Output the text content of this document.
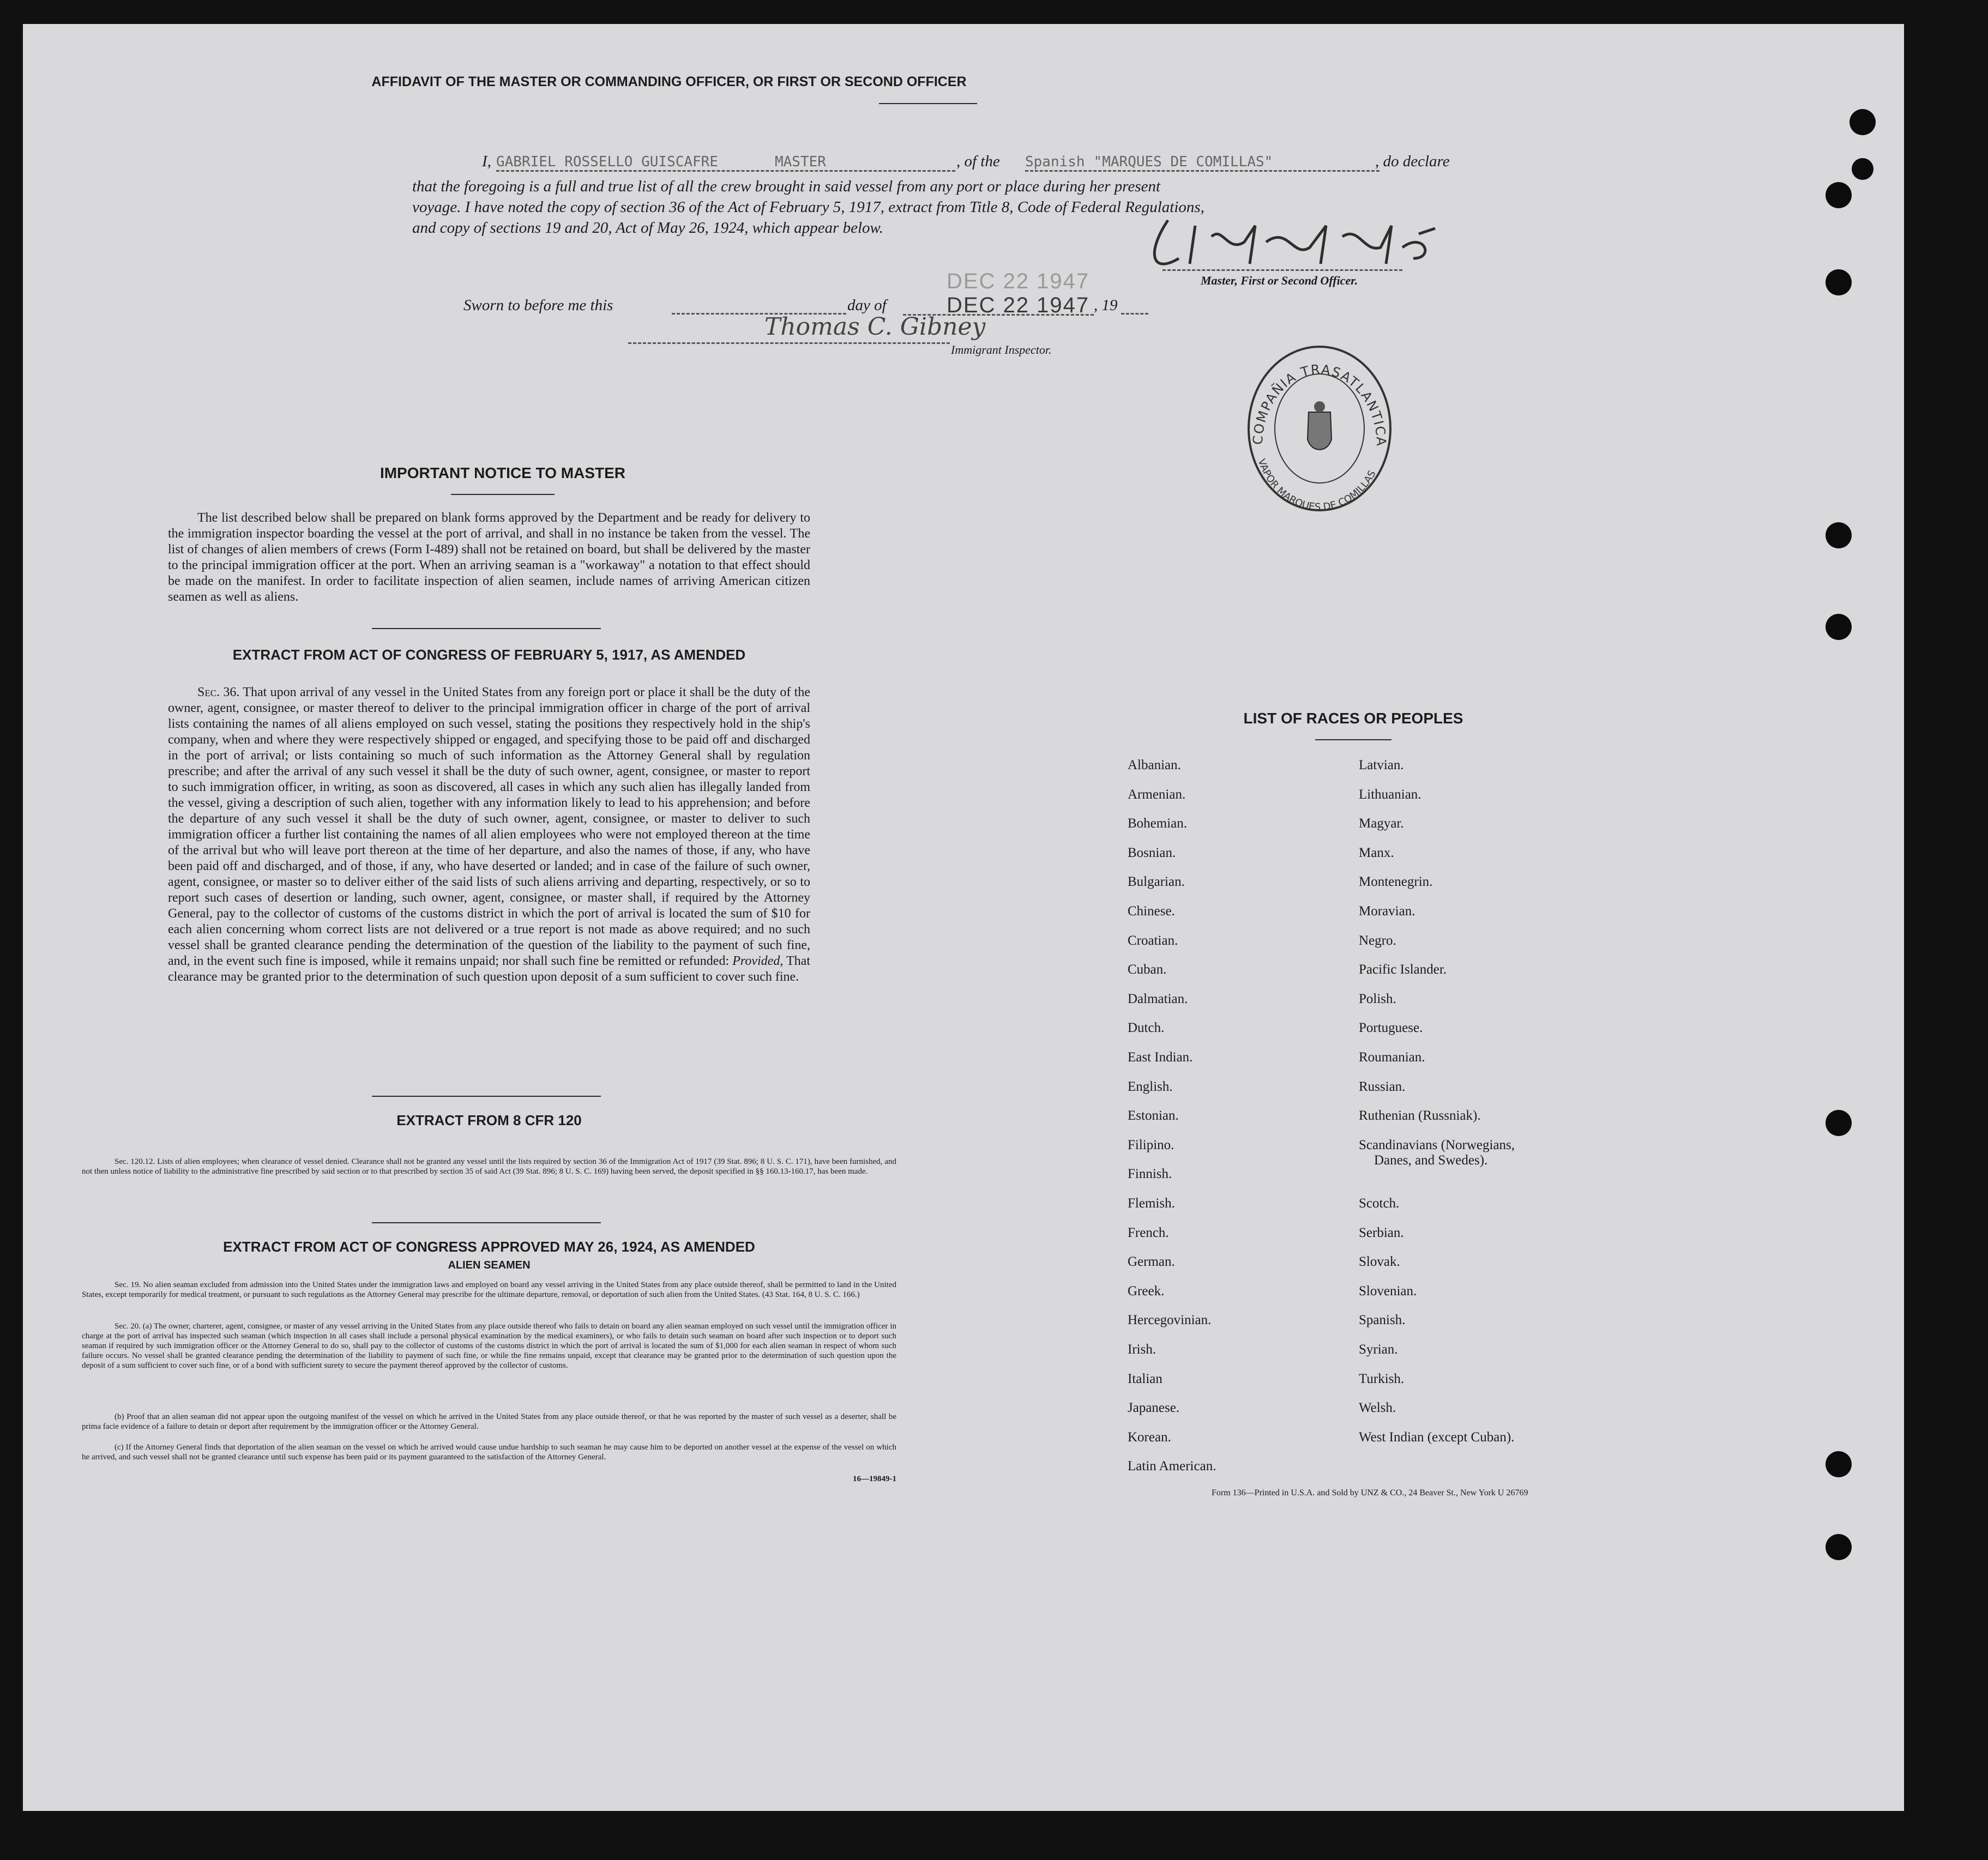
AFFIDAVIT OF THE MASTER OR COMMANDING OFFICER, OR FIRST OR SECOND OFFICER
I, GABRIEL ROSSELLO GUISCAFRE	MASTER	, of the Spanish "MARQUES DE COMILLAS"	, do declare
that the foregoing is a full and true list of all the crew brought in said vessel from any port or place during her present
voyage. I have noted the copy of section 36 of the Act of February 5, 1917, extract from Title 8, Code of Federal Regulations,
and copy of sections 19 and 20, Act of May 26, 1924, which appear below.
Master, First or Second Officer.
Sworn to before me this	day of
DEC 22 1947
DEC 22 1947 , 19
Thomas C. Gibney
Immigrant Inspector.
COMPAÑIA TRASATLANTICA
VAPOR MARQUES DE COMILLAS
IMPORTANT NOTICE TO MASTER
The list described below shall be prepared on blank forms approved by the Department and be ready for delivery to the immigration inspector boarding the vessel at the port of arrival, and shall in no instance be taken from the vessel. The list of changes of alien members of crews (Form I-489) shall not be retained on board, but shall be delivered by the master to the principal immigration officer at the port. When an arriving seaman is a "workaway" a notation to that effect should be made on the manifest. In order to facilitate inspection of alien seamen, include names of arriving American citizen seamen as well as aliens.
EXTRACT FROM ACT OF CONGRESS OF FEBRUARY 5, 1917, AS AMENDED
Sec. 36. That upon arrival of any vessel in the United States from any foreign port or place it shall be the duty of the owner, agent, consignee, or master thereof to deliver to the principal immigration officer in charge of the port of arrival lists containing the names of all aliens employed on such vessel, stating the positions they respectively hold in the ship's company, when and where they were respectively shipped or engaged, and specifying those to be paid off and discharged in the port of arrival; or lists containing so much of such information as the Attorney General shall by regulation prescribe; and after the arrival of any such vessel it shall be the duty of such owner, agent, consignee, or master to report to such immigration officer, in writing, as soon as discovered, all cases in which any such alien has illegally landed from the vessel, giving a description of such alien, together with any information likely to lead to his apprehension; and before the departure of any such vessel it shall be the duty of such owner, agent, consignee, or master to deliver to such immigration officer a further list containing the names of all alien employees who were not employed thereon at the time of the arrival but who will leave port thereon at the time of her departure, and also the names of those, if any, who have been paid off and discharged, and of those, if any, who have deserted or landed; and in case of the failure of such owner, agent, consignee, or master so to deliver either of the said lists of such aliens arriving and departing, respectively, or so to report such cases of desertion or landing, such owner, agent, consignee, or master shall, if required by the Attorney General, pay to the collector of customs of the customs district in which the port of arrival is located the sum of $10 for each alien concerning whom correct lists are not delivered or a true report is not made as above required; and no such vessel shall be granted clearance pending the determination of the question of the liability to the payment of such fine, and, in the event such fine is imposed, while it remains unpaid; nor shall such fine be remitted or refunded: Provided, That clearance may be granted prior to the determination of such question upon deposit of a sum sufficient to cover such fine.
EXTRACT FROM 8 CFR 120
Sec. 120.12. Lists of alien employees; when clearance of vessel denied. Clearance shall not be granted any vessel until the lists required by section 36 of the Immigration Act of 1917 (39 Stat. 896; 8 U. S. C. 171), have been furnished, and not then unless notice of liability to the administrative fine prescribed by said section or to that prescribed by section 35 of said Act (39 Stat. 896; 8 U. S. C. 169) having been served, the deposit specified in §§ 160.13-160.17, has been made.
EXTRACT FROM ACT OF CONGRESS APPROVED MAY 26, 1924, AS AMENDED
ALIEN SEAMEN
Sec. 19. No alien seaman excluded from admission into the United States under the immigration laws and employed on board any vessel arriving in the United States from any place outside thereof, shall be permitted to land in the United States, except temporarily for medical treatment, or pursuant to such regulations as the Attorney General may prescribe for the ultimate departure, removal, or deportation of such alien from the United States. (43 Stat. 164, 8 U. S. C. 166.)
Sec. 20. (a) The owner, charterer, agent, consignee, or master of any vessel arriving in the United States from any place outside thereof who fails to detain on board any alien seaman employed on such vessel until the immigration officer in charge at the port of arrival has inspected such seaman (which inspection in all cases shall include a personal physical examination by the medical examiners), or who fails to detain such seaman on board after such inspection or to deport such seaman if required by such immigration officer or the Attorney General to do so, shall pay to the collector of customs of the customs district in which the port of arrival is located the sum of $1,000 for each alien seaman in respect of whom such failure occurs. No vessel shall be granted clearance pending the determination of the liability to payment of such fine, or while the fine remains unpaid, except that clearance may be granted prior to the determination of such question upon the deposit of a sum sufficient to cover such fine, or of a bond with sufficient surety to secure the payment thereof approved by the collector of customs.
(b) Proof that an alien seaman did not appear upon the outgoing manifest of the vessel on which he arrived in the United States from any place outside thereof, or that he was reported by the master of such vessel as a deserter, shall be prima facie evidence of a failure to detain or deport after requirement by the immigration officer or the Attorney General.
(c) If the Attorney General finds that deportation of the alien seaman on the vessel on which he arrived would cause undue hardship to such seaman he may cause him to be deported on another vessel at the expense of the vessel on which he arrived, and such vessel shall not be granted clearance until such expense has been paid or its payment guaranteed to the satisfaction of the Attorney General.
16—19849-1
LIST OF RACES OR PEOPLES
Albanian.
Armenian.
Bohemian.
Bosnian.
Bulgarian.
Chinese.
Croatian.
Cuban.
Dalmatian.
Dutch.
East Indian.
English.
Estonian.
Filipino.
Finnish.
Flemish.
French.
German.
Greek.
Hercegovinian.
Irish.
Italian
Japanese.
Korean.
Latin American.
Latvian.
Lithuanian.
Magyar.
Manx.
Montenegrin.
Moravian.
Negro.
Pacific Islander.
Polish.
Portuguese.
Roumanian.
Russian.
Ruthenian (Russniak).
Scandinavians (Norwegians,
Danes, and Swedes).
Scotch.
Serbian.
Slovak.
Slovenian.
Spanish.
Syrian.
Turkish.
Welsh.
West Indian (except Cuban).
Form 136—Printed in U.S.A. and Sold by UNZ & CO., 24 Beaver St., New York U 26769
